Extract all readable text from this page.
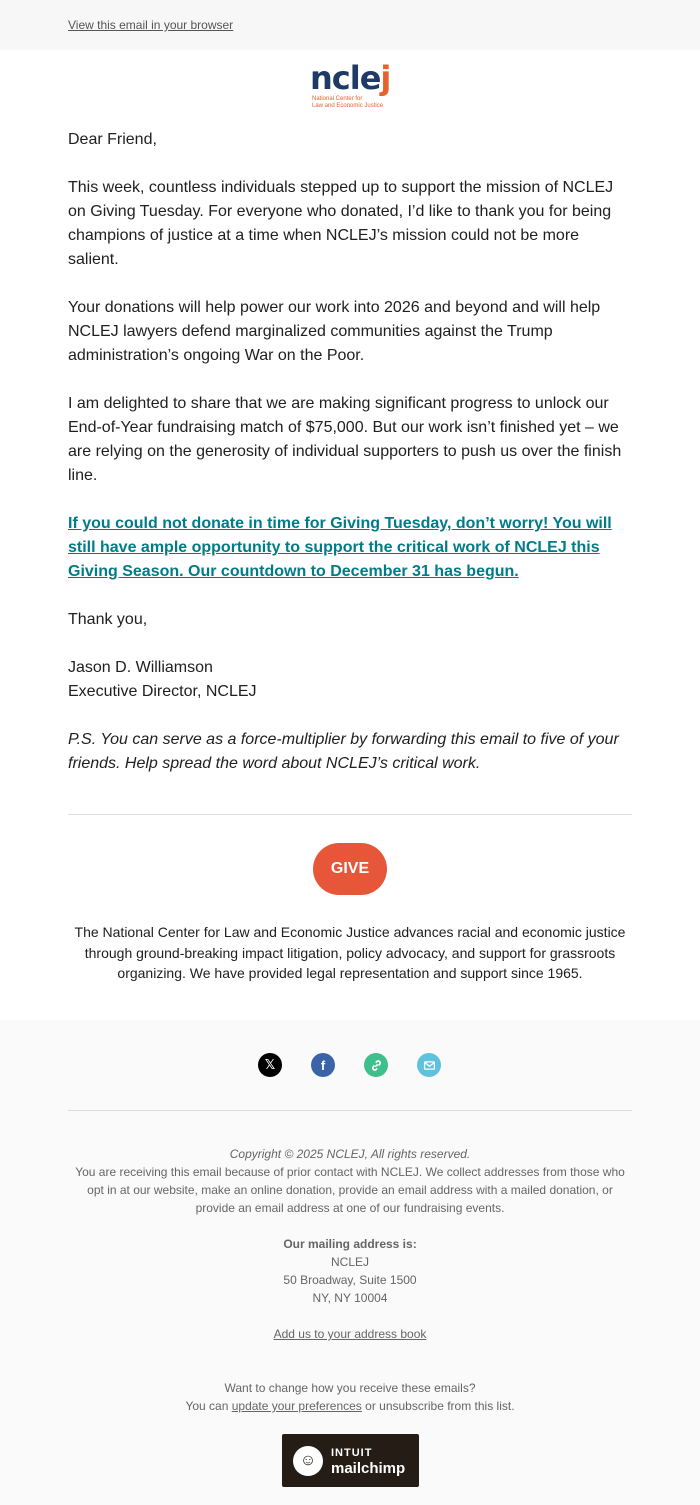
View this email in your browser
nclej
National Center for
Law and Economic Justice

Dear Friend,

This week, countless individuals stepped up to support the mission of NCLEJ on Giving Tuesday. For everyone who donated, I’d like to thank you for being champions of justice at a time when NCLEJ’s mission could not be more salient.

Your donations will help power our work into 2026 and beyond and will help NCLEJ lawyers defend marginalized communities against the Trump administration’s ongoing War on the Poor.

I am delighted to share that we are making significant progress to unlock our End-of-Year fundraising match of $75,000. But our work isn’t finished yet – we are relying on the generosity of individual supporters to push us over the finish line.

If you could not donate in time for Giving Tuesday, don’t worry! You will still have ample opportunity to support the critical work of NCLEJ this Giving Season. Our countdown to December 31 has begun.

Thank you,

Jason D. Williamson

Executive Director, NCLEJ

P.S. You can serve as a force-multiplier by forwarding this email to five of your friends. Help spread the word about NCLEJ’s critical work.

GIVE

The National Center for Law and Economic Justice advances racial and economic justice through ground-breaking impact litigation, policy advocacy, and support for grassroots organizing. We have provided legal representation and support since 1965.

𝕏	f

Copyright © 2025 NCLEJ, All rights reserved.

You are receiving this email because of prior contact with NCLEJ. We collect addresses from those who opt in at our website, make an online donation, provide an email address with a mailed donation, or provide an email address at one of our fundraising events.

Our mailing address is:

NCLEJ

50 Broadway, Suite 1500

NY, NY 10004

Add us to your address book

Want to change how you receive these emails?

You can update your preferences or unsubscribe from this list.

☺	INTUIT
mailchimp
